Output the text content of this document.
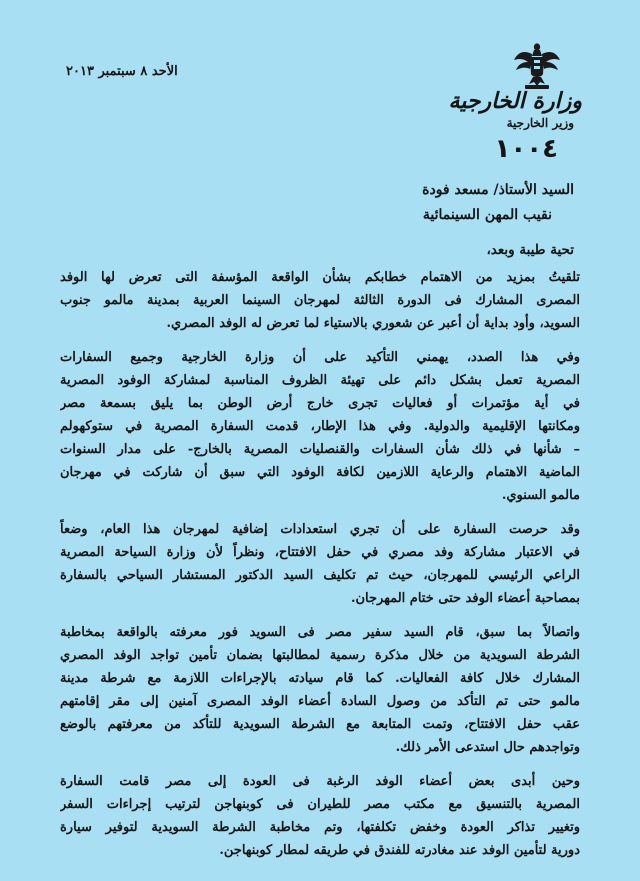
وزارة الخارجية
وزير الخارجية
١٠٠٤
الأحد ٨ سبتمبر ٢٠١٣
السيد الأستاذ/ مسعد فودة
نقيب المهن السينمائية
تحية طيبة وبعد،

تلقيتُ بمزيد من الاهتمام خطابكم بشأن الواقعة المؤسفة التى تعرض لها الوفد
المصرى المشارك فى الدورة الثالثة لمهرجان السينما العربية بمدينة مالمو جنوب
السويد، وأود بداية أن أعبر عن شعوري بالاستياء لما تعرض له الوفد المصري.

وفي هذا الصدد، يهمني التأكيد على أن وزارة الخارجية وجميع السفارات
المصرية تعمل بشكل دائم على تهيئة الظروف المناسبة لمشاركة الوفود المصرية
في أية مؤتمرات أو فعاليات تجرى خارج أرض الوطن بما يليق بسمعة مصر
ومكانتها الإقليمية والدولية. وفي هذا الإطار، قدمت السفارة المصرية في ستوكهولم
– شأنها في ذلك شأن السفارات والقنصليات المصرية بالخارج- على مدار السنوات
الماضية الاهتمام والرعاية اللازمين لكافة الوفود التي سبق أن شاركت في مهرجان
مالمو السنوي.

وقد حرصت السفارة على أن تجري استعدادات إضافية لمهرجان هذا العام، وضعاً
في الاعتبار مشاركة وفد مصري في حفل الافتتاح، ونظراً لأن وزارة السياحة المصرية
الراعي الرئيسي للمهرجان، حيث تم تكليف السيد الدكتور المستشار السياحي بالسفارة
بمصاحبة أعضاء الوفد حتى ختام المهرجان.

واتصالاً بما سبق، قام السيد سفير مصر فى السويد فور معرفته بالواقعة بمخاطبة
الشرطة السويدية من خلال مذكرة رسمية لمطالبتها بضمان تأمين تواجد الوفد المصري
المشارك خلال كافة الفعاليات. كما قام سيادته بالإجراءات اللازمة مع شرطة مدينة
مالمو حتى تم التأكد من وصول السادة أعضاء الوفد المصرى آمنين إلى مقر إقامتهم
عقب حفل الافتتاح، وتمت المتابعة مع الشرطة السويدية للتأكد من معرفتهم بالوضع
وتواجدهم حال استدعى الأمر ذلك.

وحين أبدى بعض أعضاء الوفد الرغبة فى العودة إلى مصر قامت السفارة
المصرية بالتنسيق مع مكتب مصر للطيران فى كوبنهاجن لترتيب إجراءات السفر
وتغيير تذاكر العودة وخفض تكلفتها، وتم مخاطبة الشرطة السويدية لتوفير سيارة
دورية لتأمين الوفد عند مغادرته للفندق في طريقه لمطار كوبنهاجن.
